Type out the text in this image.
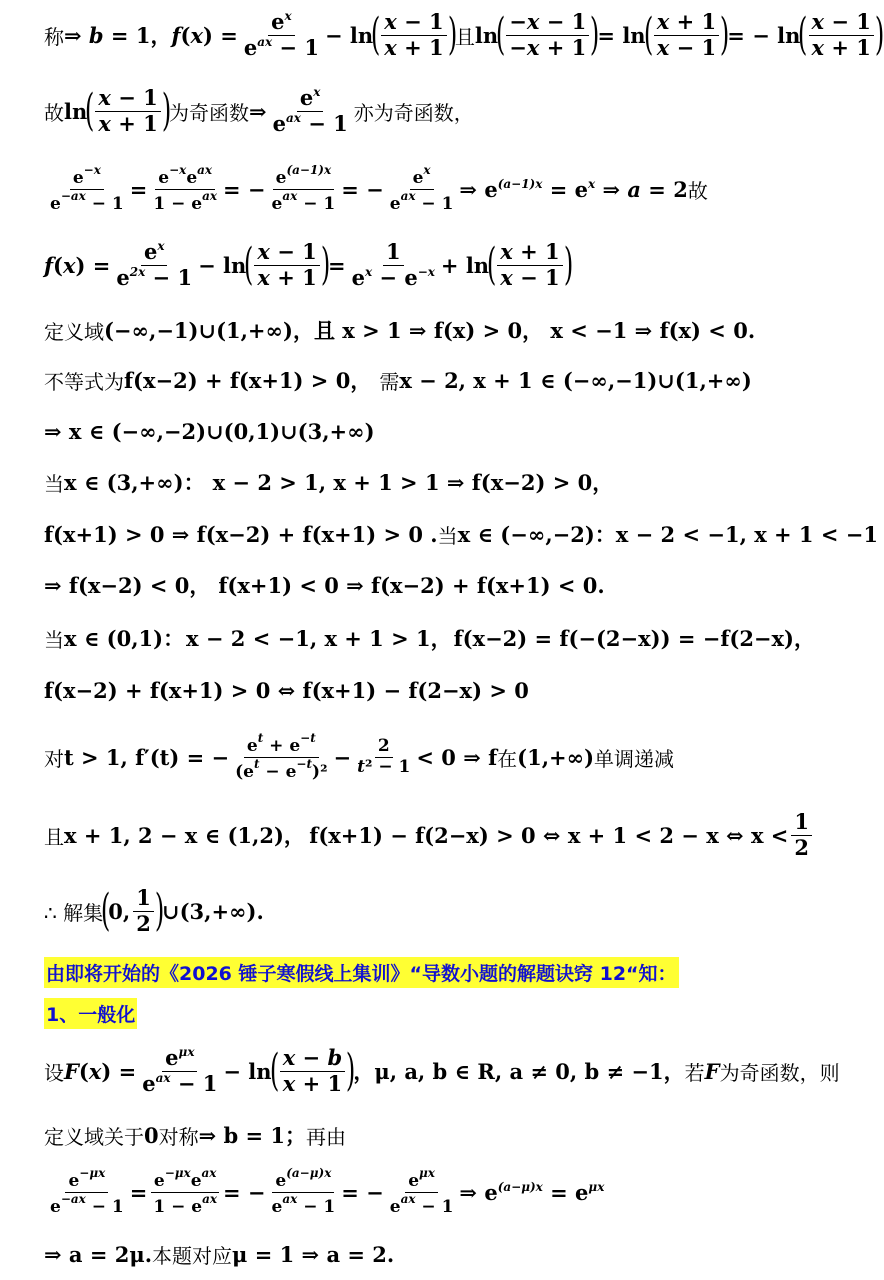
称 ⇒ b = 1， f $(x) = \frac{e^x}{e^{ax} - 1} - \ln$
( $\frac{x - 1}{x + 1}$ )
且 ln
( $\frac{-x - 1}{-x + 1}$ )
= ln
( $\frac{x + 1}{x - 1}$ )
= − ln
( $\frac{x - 1}{x + 1}$ )
故 ln
( $\frac{x - 1}{x + 1}$ )
为奇函数 ⇒ $\frac{e^x}{e^{ax} - 1}$ 亦为奇函数，
$\frac{e^{-x}}{e^{-ax} - 1} = \frac{e^{-x}e^{ax}}{1 - e^{ax}}$ = − $\frac{e^{(a-1)x}}{e^{ax} - 1}$ = − $\frac{e^x}{e^{ax} - 1}$ ⇒ $e^{(a-1)x} = e^x$ ⇒ a = 2 故
f $(x) = \frac{e^x}{e^{2x} - 1} - \ln$
( $\frac{x - 1}{x + 1}$ )
= $\frac{1}{e^x - e^{-x}} + \ln$
( $\frac{x + 1}{x - 1}$ )
定义域 (−∞,−1)∪(1,+∞)，且 x > 1 ⇒ f(x) > 0， x < −1 ⇒ f(x) < 0.
不等式为 f(x−2) + f(x+1) > 0， 需 x − 2, x + 1 ∈ (−∞,−1)∪(1,+∞)
⇒ x ∈ (−∞,−2)∪(0,1)∪(3,+∞)
当 x ∈ (3,+∞)： x − 2 > 1, x + 1 > 1 ⇒ f(x−2) > 0，
f(x+1) > 0 ⇒ f(x−2) + f(x+1) > 0 . 当 x ∈ (−∞,−2)： x − 2 < −1, x + 1 < −1
⇒ f(x−2) < 0， f(x+1) < 0 ⇒ f(x−2) + f(x+1) < 0.
当 x ∈ (0,1)： x − 2 < −1, x + 1 > 1， f(x−2) = f(−(2−x)) = −f(2−x)，
f(x−2) + f(x+1) > 0 ⇔ f(x+1) − f(2−x) > 0
对 t > 1, f′(t) = − $\frac{e^t + e^{-t}}{(e^t - e^{-t})^2} - \frac{2}{\text{t² − 1}} < 0$ ⇒ f 在 (1,+∞) 单调递减
且 x + 1, 2 − x ∈ (1,2)， f(x+1) − f(2−x) > 0 ⇔ x + 1 < 2 − x ⇔ $x < \frac{1}{2}$
∴ 解集
(
0, $\frac{1}{2}$ )
∪(3,+∞).
由即将开始的《2026 锤子寒假线上集训》“导数小题的解题诀窍 12“知：
1、一般化
设 F $(x) = \frac{e^{\mu x}}{e^{ax} - 1} - \ln$
( $\frac{x - b}{x + 1}$ )
， μ, a, b ∈ R, a ≠ 0, b ≠ −1， 若 F 为奇函数，则
定义域关于 0 对称 ⇒ b = 1； 再由
$\frac{e^{-\mu x}}{e^{-ax} - 1} = \frac{e^{-\mu x}e^{ax}}{1 - e^{ax}}$ = − $\frac{e^{(a-\mu)x}}{e^{ax} - 1}$ = − $\frac{e^{\mu x}}{e^{ax} - 1}$ ⇒ $e^{(a-\mu)x} = e^{\mu x}$
⇒ a = 2μ. 本题对应 μ = 1 ⇒ a = 2.
